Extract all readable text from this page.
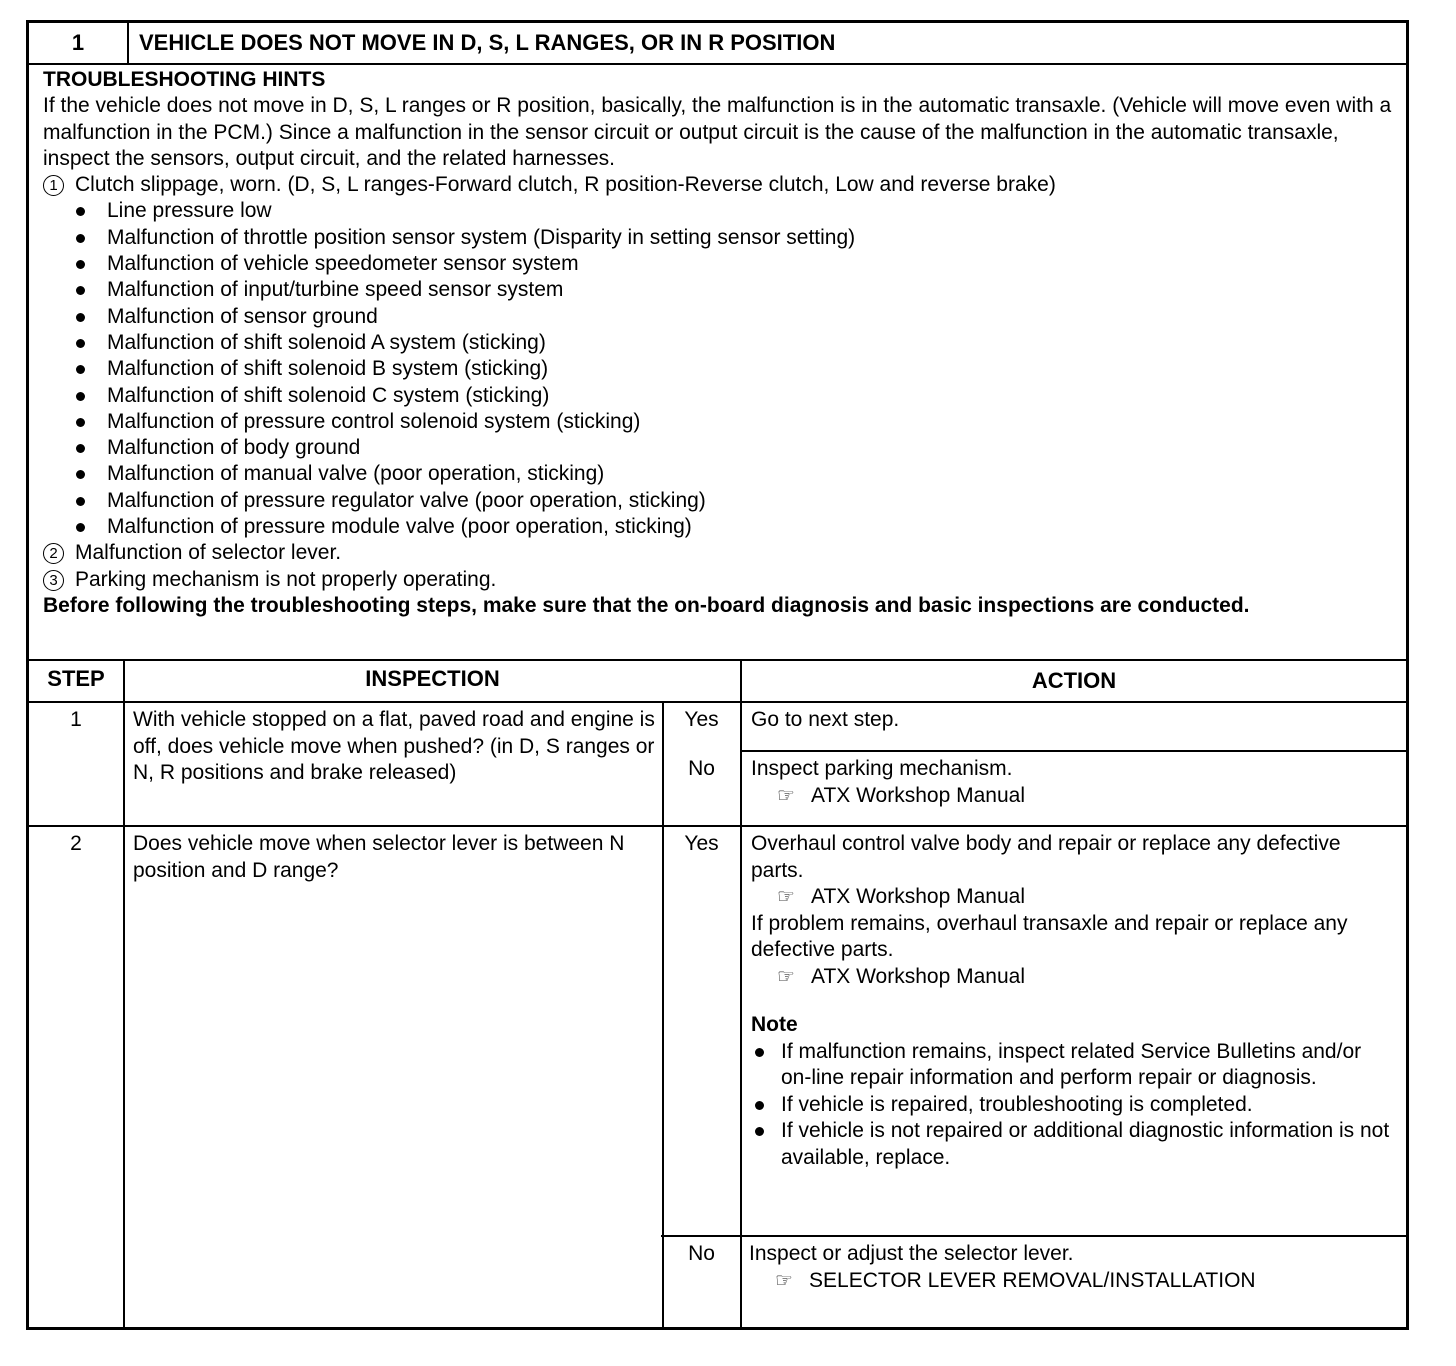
1	VEHICLE DOES NOT MOVE IN D, S, L RANGES, OR IN R POSITION
TROUBLESHOOTING HINTS
If the vehicle does not move in D, S, L ranges or R position, basically, the malfunction is in the automatic transaxle. (Vehicle will move even with a malfunction in the PCM.) Since a malfunction in the sensor circuit or output circuit is the cause of the malfunction in the automatic transaxle, inspect the sensors, output circuit, and the related harnesses.
1 Clutch slippage, worn. (D, S, L ranges-Forward clutch, R position-Reverse clutch, Low and reverse brake)
Line pressure low
Malfunction of throttle position sensor system (Disparity in setting sensor setting)
Malfunction of vehicle speedometer sensor system
Malfunction of input/turbine speed sensor system
Malfunction of sensor ground
Malfunction of shift solenoid A system (sticking)
Malfunction of shift solenoid B system (sticking)
Malfunction of shift solenoid C system (sticking)
Malfunction of pressure control solenoid system (sticking)
Malfunction of body ground
Malfunction of manual valve (poor operation, sticking)
Malfunction of pressure regulator valve (poor operation, sticking)
Malfunction of pressure module valve (poor operation, sticking)
2 Malfunction of selector lever.
3 Parking mechanism is not properly operating.
Before following the troubleshooting steps, make sure that the on-board diagnosis and basic inspections are conducted.
STEP	INSPECTION	ACTION
1	With vehicle stopped on a flat, paved road and engine is off, does vehicle move when pushed? (in D, S ranges or N, R positions and brake released)
Yes	Go to next step.
No	Inspect parking mechanism.
☞ ATX Workshop Manual
2	Does vehicle move when selector lever is between N position and D range?
Yes	Overhaul control valve body and repair or replace any defective parts.
☞ ATX Workshop Manual
If problem remains, overhaul transaxle and repair or replace any defective parts.
☞ ATX Workshop Manual
Note
If malfunction remains, inspect related Service Bulletins and/or on-line repair information and perform repair or diagnosis.
If vehicle is repaired, troubleshooting is completed.
If vehicle is not repaired or additional diagnostic information is not available, replace.
No	Inspect or adjust the selector lever.
☞ SELECTOR LEVER REMOVAL/INSTALLATION
